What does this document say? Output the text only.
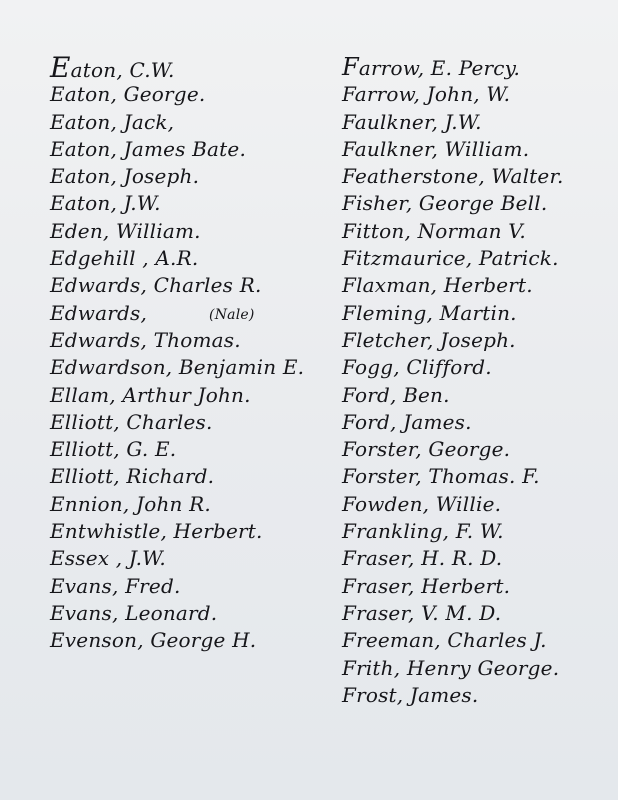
Eaton, C.W.
Eaton, George.
Eaton, Jack,
Eaton, James Bate.
Eaton, Joseph.
Eaton, J.W.
Eden, William.
Edgehill , A.R.
Edwards, Charles R.
Edwards,	(Nale)
Edwards, Thomas.
Edwardson, Benjamin E.
Ellam, Arthur John.
Elliott, Charles.
Elliott, G. E.
Elliott, Richard.
Ennion, John R.
Entwhistle, Herbert.
Essex , J.W.
Evans, Fred.
Evans, Leonard.
Evenson, George H.
Farrow, E. Percy.
Farrow, John, W.
Faulkner, J.W.
Faulkner, William.
Featherstone, Walter.
Fisher, George Bell.
Fitton, Norman V.
Fitzmaurice, Patrick.
Flaxman, Herbert.
Fleming, Martin.
Fletcher, Joseph.
Fogg, Clifford.
Ford, Ben.
Ford, James.
Forster, George.
Forster, Thomas. F.
Fowden, Willie.
Frankling, F. W.
Fraser, H. R. D.
Fraser, Herbert.
Fraser, V. M. D.
Freeman, Charles J.
Frith, Henry George.
Frost, James.
